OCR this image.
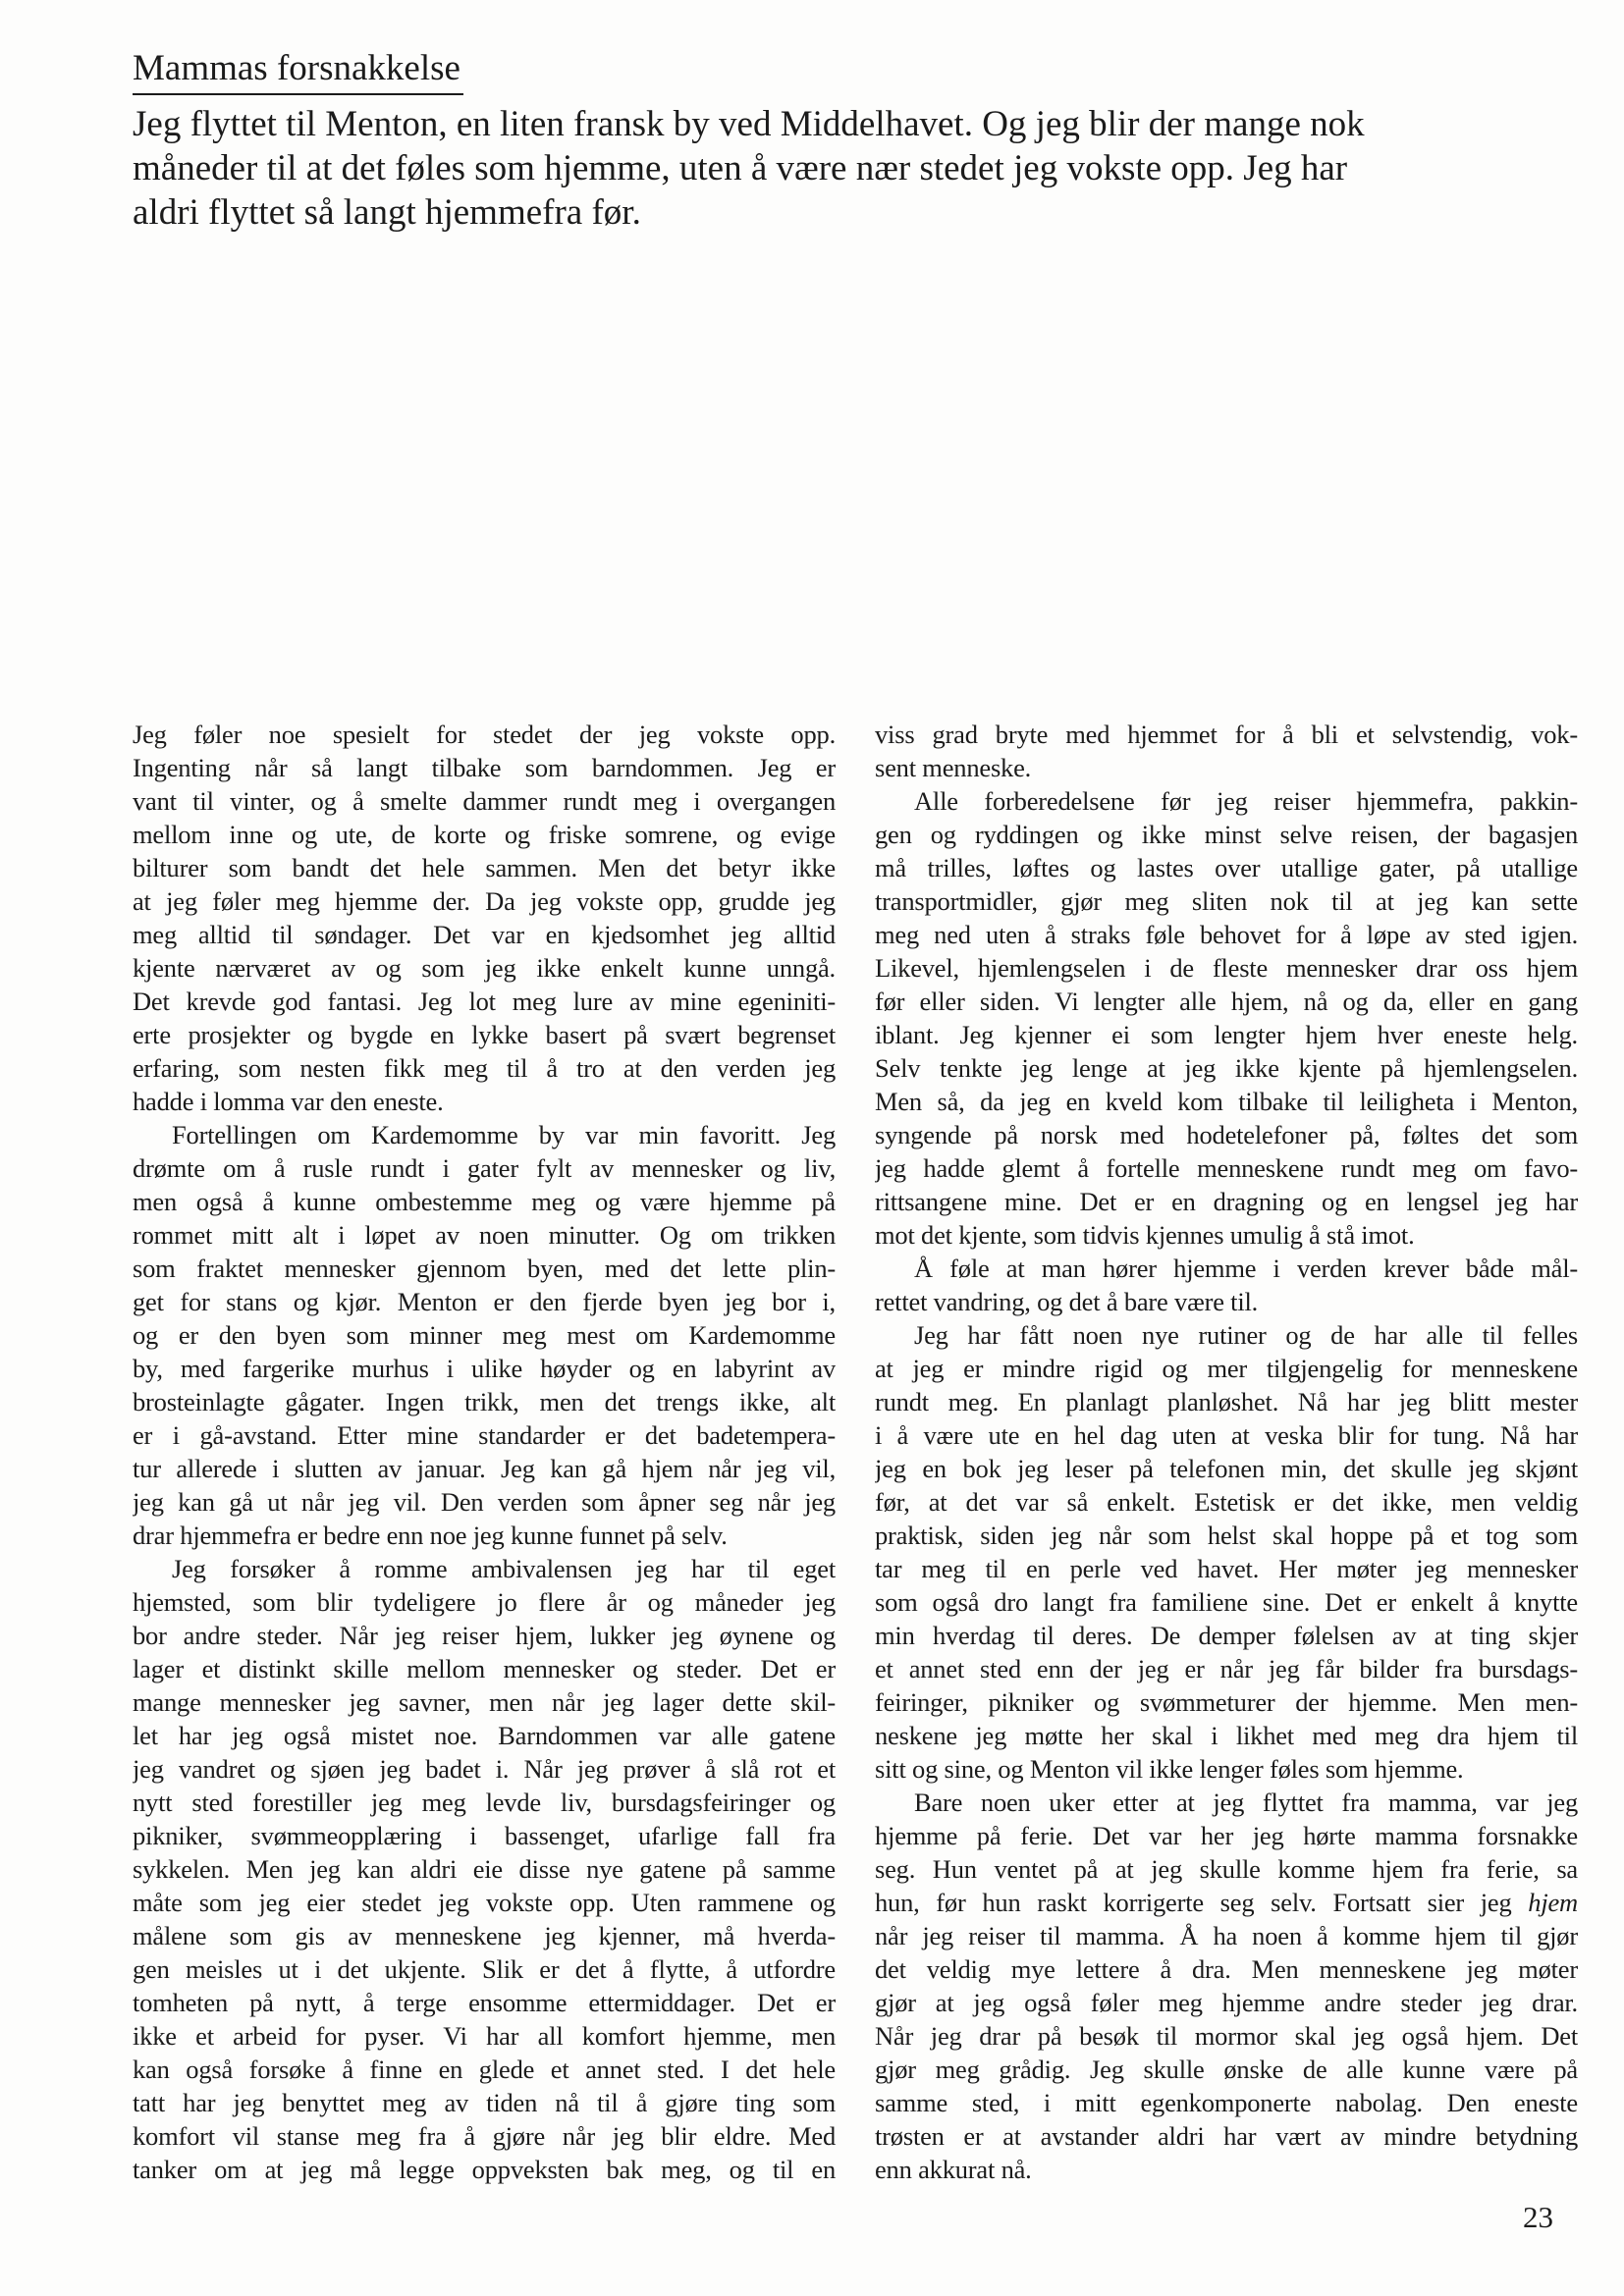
Mammas forsnakkelse
Jeg flyttet til Menton, en liten fransk by ved Middelhavet. Og jeg blir der mange nok
måneder til at det føles som hjemme, uten å være nær stedet jeg vokste opp. Jeg har
aldri flyttet så langt hjemmefra før.
Jeg føler noe spesielt for stedet der jeg vokste opp.
Ingenting når så langt tilbake som barndommen. Jeg er
vant til vinter, og å smelte dammer rundt meg i overgangen
mellom inne og ute, de korte og friske somrene, og evige
bilturer som bandt det hele sammen. Men det betyr ikke
at jeg føler meg hjemme der. Da jeg vokste opp, grudde jeg
meg alltid til søndager. Det var en kjedsomhet jeg alltid
kjente nærværet av og som jeg ikke enkelt kunne unngå.
Det krevde god fantasi. Jeg lot meg lure av mine egeniniti-
erte prosjekter og bygde en lykke basert på svært begrenset
erfaring, som nesten fikk meg til å tro at den verden jeg
hadde i lomma var den eneste.
Fortellingen om Kardemomme by var min favoritt. Jeg
drømte om å rusle rundt i gater fylt av mennesker og liv,
men også å kunne ombestemme meg og være hjemme på
rommet mitt alt i løpet av noen minutter. Og om trikken
som fraktet mennesker gjennom byen, med det lette plin-
get for stans og kjør. Menton er den fjerde byen jeg bor i,
og er den byen som minner meg mest om Kardemomme
by, med fargerike murhus i ulike høyder og en labyrint av
brosteinlagte gågater. Ingen trikk, men det trengs ikke, alt
er i gå-avstand. Etter mine standarder er det badetempera-
tur allerede i slutten av januar. Jeg kan gå hjem når jeg vil,
jeg kan gå ut når jeg vil. Den verden som åpner seg når jeg
drar hjemmefra er bedre enn noe jeg kunne funnet på selv.
Jeg forsøker å romme ambivalensen jeg har til eget
hjemsted, som blir tydeligere jo flere år og måneder jeg
bor andre steder. Når jeg reiser hjem, lukker jeg øynene og
lager et distinkt skille mellom mennesker og steder. Det er
mange mennesker jeg savner, men når jeg lager dette skil-
let har jeg også mistet noe. Barndommen var alle gatene
jeg vandret og sjøen jeg badet i. Når jeg prøver å slå rot et
nytt sted forestiller jeg meg levde liv, bursdagsfeiringer og
pikniker, svømmeopplæring i bassenget, ufarlige fall fra
sykkelen. Men jeg kan aldri eie disse nye gatene på samme
måte som jeg eier stedet jeg vokste opp. Uten rammene og
målene som gis av menneskene jeg kjenner, må hverda-
gen meisles ut i det ukjente. Slik er det å flytte, å utfordre
tomheten på nytt, å terge ensomme ettermiddager. Det er
ikke et arbeid for pyser. Vi har all komfort hjemme, men
kan også forsøke å finne en glede et annet sted. I det hele
tatt har jeg benyttet meg av tiden nå til å gjøre ting som
komfort vil stanse meg fra å gjøre når jeg blir eldre. Med
tanker om at jeg må legge oppveksten bak meg, og til en
viss grad bryte med hjemmet for å bli et selvstendig, vok-
sent menneske.
Alle forberedelsene før jeg reiser hjemmefra, pakkin-
gen og ryddingen og ikke minst selve reisen, der bagasjen
må trilles, løftes og lastes over utallige gater, på utallige
transportmidler, gjør meg sliten nok til at jeg kan sette
meg ned uten å straks føle behovet for å løpe av sted igjen.
Likevel, hjemlengselen i de fleste mennesker drar oss hjem
før eller siden. Vi lengter alle hjem, nå og da, eller en gang
iblant. Jeg kjenner ei som lengter hjem hver eneste helg.
Selv tenkte jeg lenge at jeg ikke kjente på hjemlengselen.
Men så, da jeg en kveld kom tilbake til leiligheta i Menton,
syngende på norsk med hodetelefoner på, føltes det som
jeg hadde glemt å fortelle menneskene rundt meg om favo-
rittsangene mine. Det er en dragning og en lengsel jeg har
mot det kjente, som tidvis kjennes umulig å stå imot.
Å føle at man hører hjemme i verden krever både mål-
rettet vandring, og det å bare være til.
Jeg har fått noen nye rutiner og de har alle til felles
at jeg er mindre rigid og mer tilgjengelig for menneskene
rundt meg. En planlagt planløshet. Nå har jeg blitt mester
i å være ute en hel dag uten at veska blir for tung. Nå har
jeg en bok jeg leser på telefonen min, det skulle jeg skjønt
før, at det var så enkelt. Estetisk er det ikke, men veldig
praktisk, siden jeg når som helst skal hoppe på et tog som
tar meg til en perle ved havet. Her møter jeg mennesker
som også dro langt fra familiene sine. Det er enkelt å knytte
min hverdag til deres. De demper følelsen av at ting skjer
et annet sted enn der jeg er når jeg får bilder fra bursdags-
feiringer, pikniker og svømmeturer der hjemme. Men men-
neskene jeg møtte her skal i likhet med meg dra hjem til
sitt og sine, og Menton vil ikke lenger føles som hjemme.
Bare noen uker etter at jeg flyttet fra mamma, var jeg
hjemme på ferie. Det var her jeg hørte mamma forsnakke
seg. Hun ventet på at jeg skulle komme hjem fra ferie, sa
hun, før hun raskt korrigerte seg selv. Fortsatt sier jeg hjem
når jeg reiser til mamma. Å ha noen å komme hjem til gjør
det veldig mye lettere å dra. Men menneskene jeg møter
gjør at jeg også føler meg hjemme andre steder jeg drar.
Når jeg drar på besøk til mormor skal jeg også hjem. Det
gjør meg grådig. Jeg skulle ønske de alle kunne være på
samme sted, i mitt egenkomponerte nabolag. Den eneste
trøsten er at avstander aldri har vært av mindre betydning
enn akkurat nå.
23
